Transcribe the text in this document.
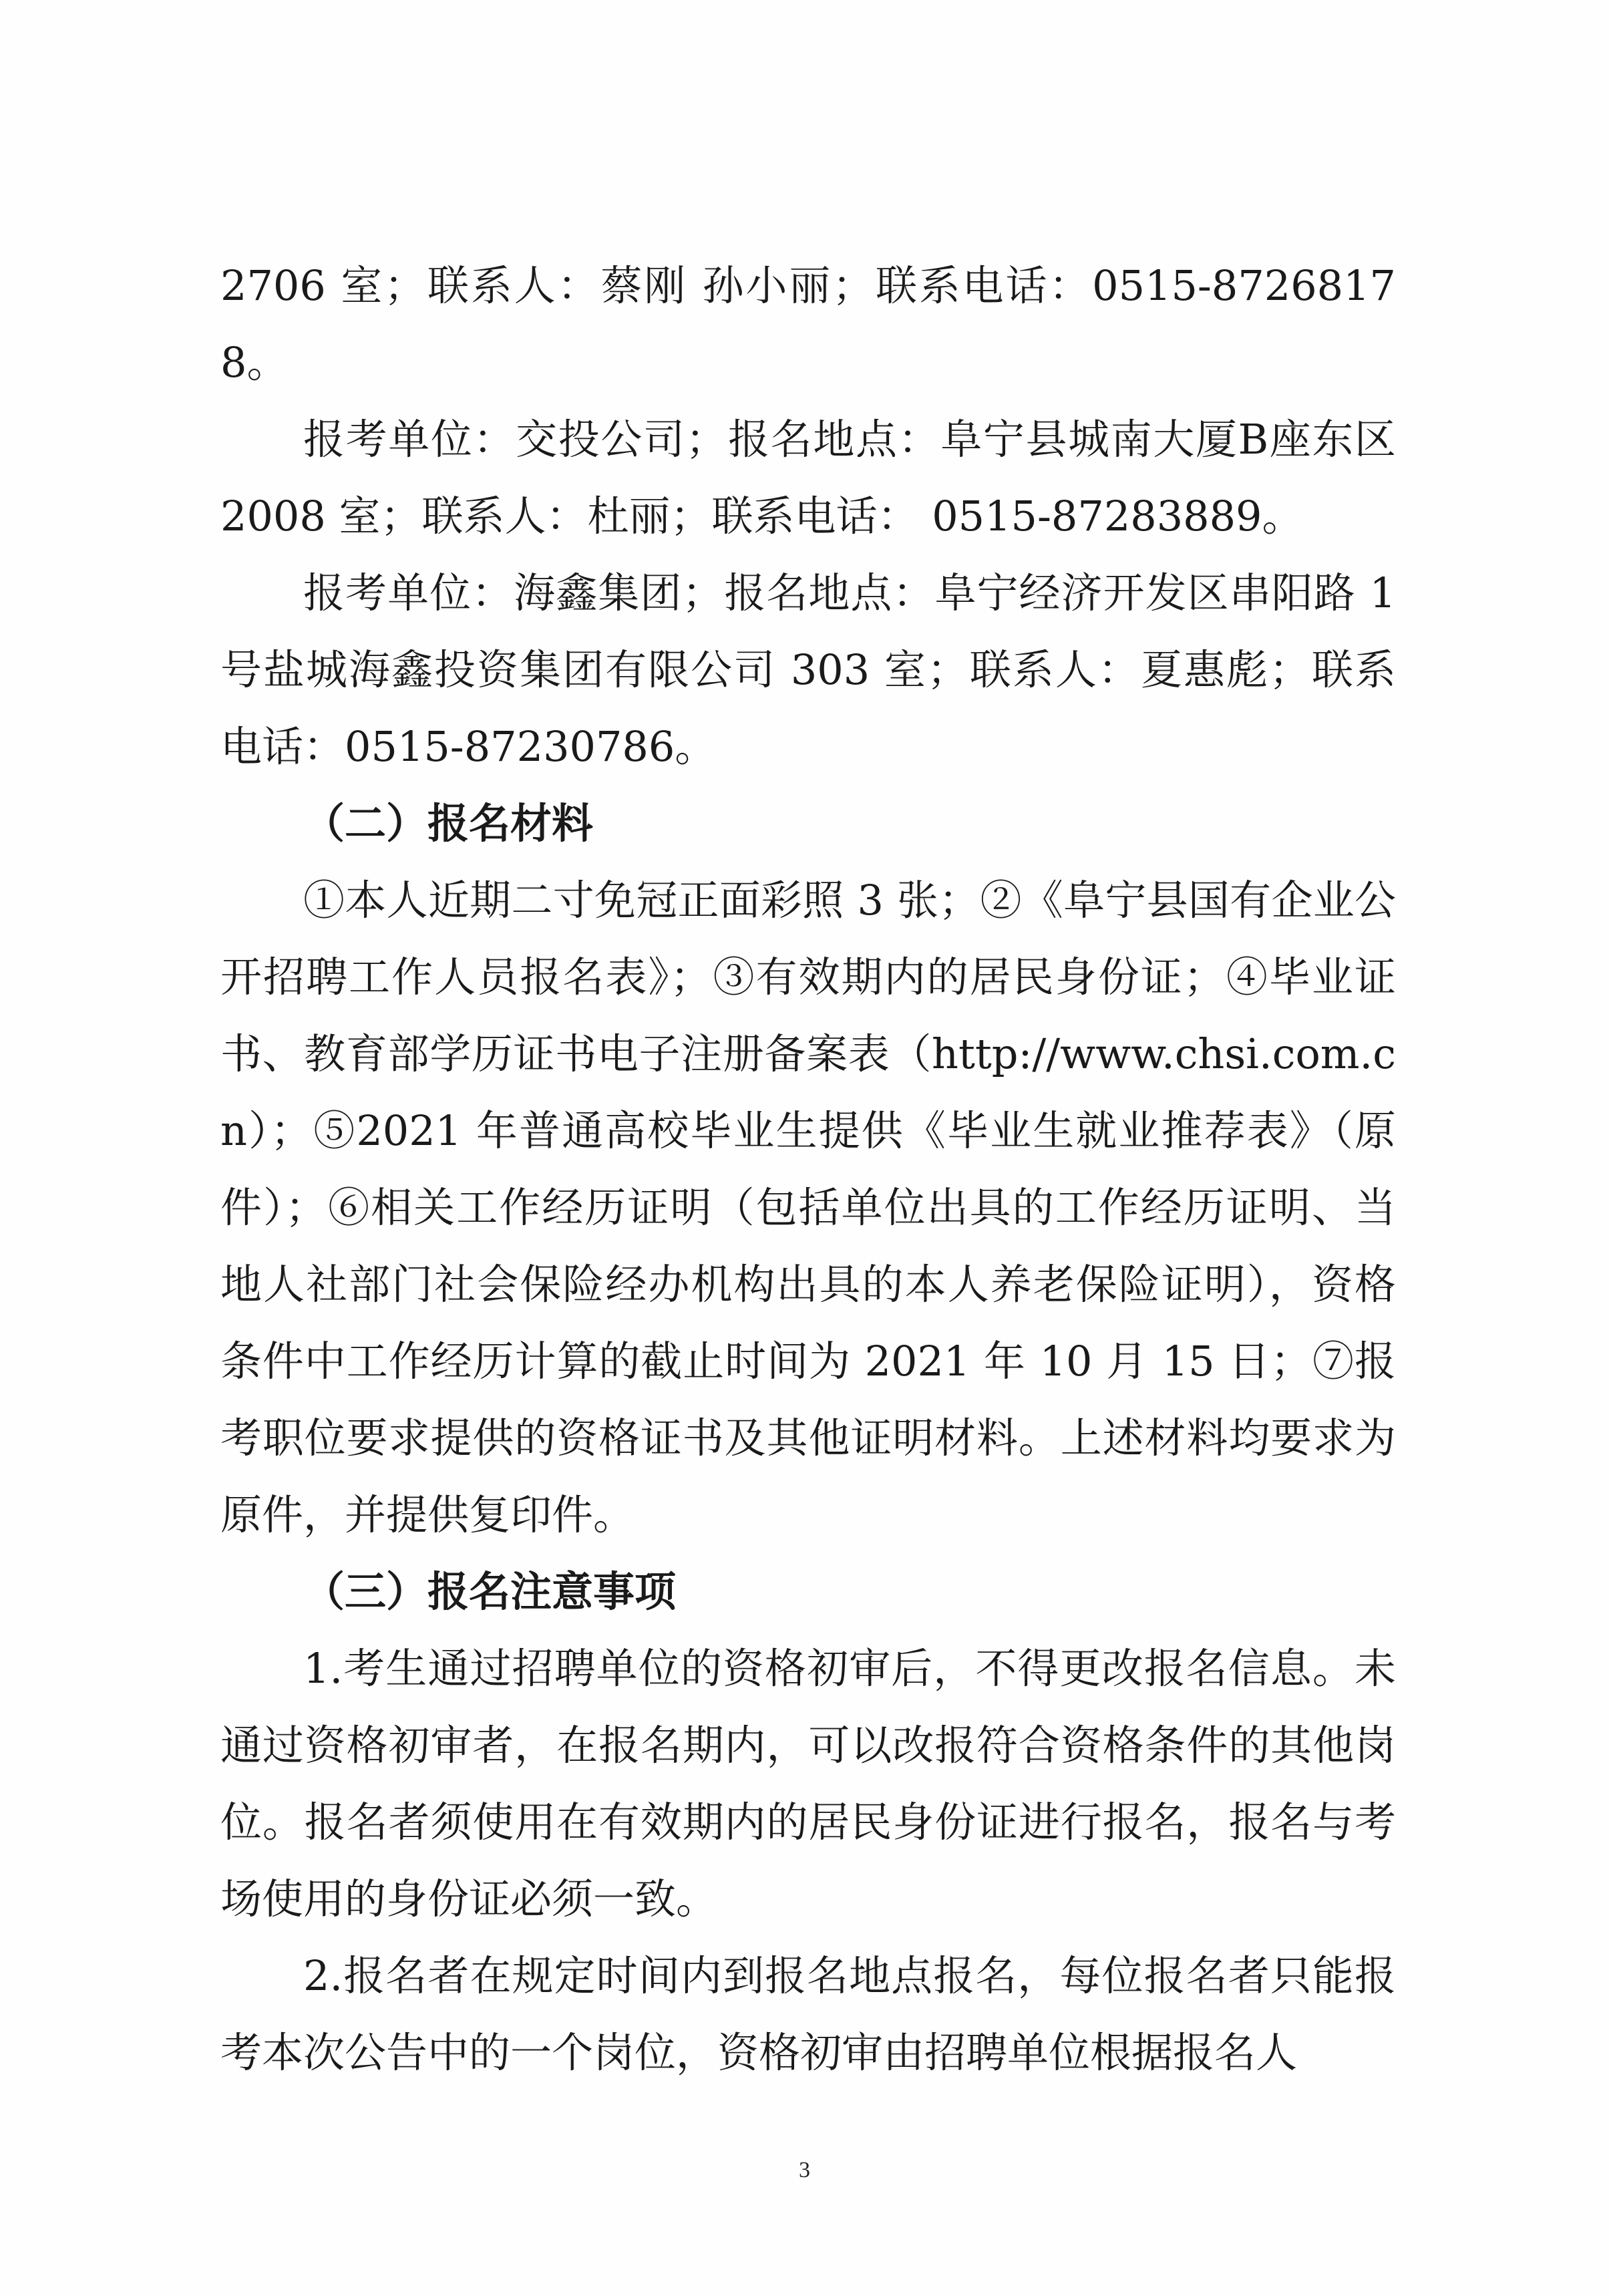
2706 室；联系人：蔡刚 孙小丽；联系电话：0515-87268178。

报考单位：交投公司；报名地点：阜宁县城南大厦B座东区 2008 室；联系人：杜丽；联系电话： 0515-87283889。

报考单位：海鑫集团；报名地点：阜宁经济开发区串阳路 1 号盐城海鑫投资集团有限公司 303 室；联系人：夏惠彪；联系电话：0515-87230786。

（二）报名材料

①本人近期二寸免冠正面彩照 3 张；②《阜宁县国有企业公开招聘工作人员报名表》；③有效期内的居民身份证；④毕业证书、教育部学历证书电子注册备案表（http://www.chsi.com.cn）；⑤2021 年普通高校毕业生提供《毕业生就业推荐表》（原件）；⑥相关工作经历证明（包括单位出具的工作经历证明、当地人社部门社会保险经办机构出具的本人养老保险证明），资格条件中工作经历计算的截止时间为 2021 年 10 月 15 日；⑦报考职位要求提供的资格证书及其他证明材料。上述材料均要求为原件，并提供复印件。

（三）报名注意事项

1.考生通过招聘单位的资格初审后，不得更改报名信息。未通过资格初审者，在报名期内，可以改报符合资格条件的其他岗位。报名者须使用在有效期内的居民身份证进行报名，报名与考场使用的身份证必须一致。

2.报名者在规定时间内到报名地点报名，每位报名者只能报考本次公告中的一个岗位，资格初审由招聘单位根据报名人

3
